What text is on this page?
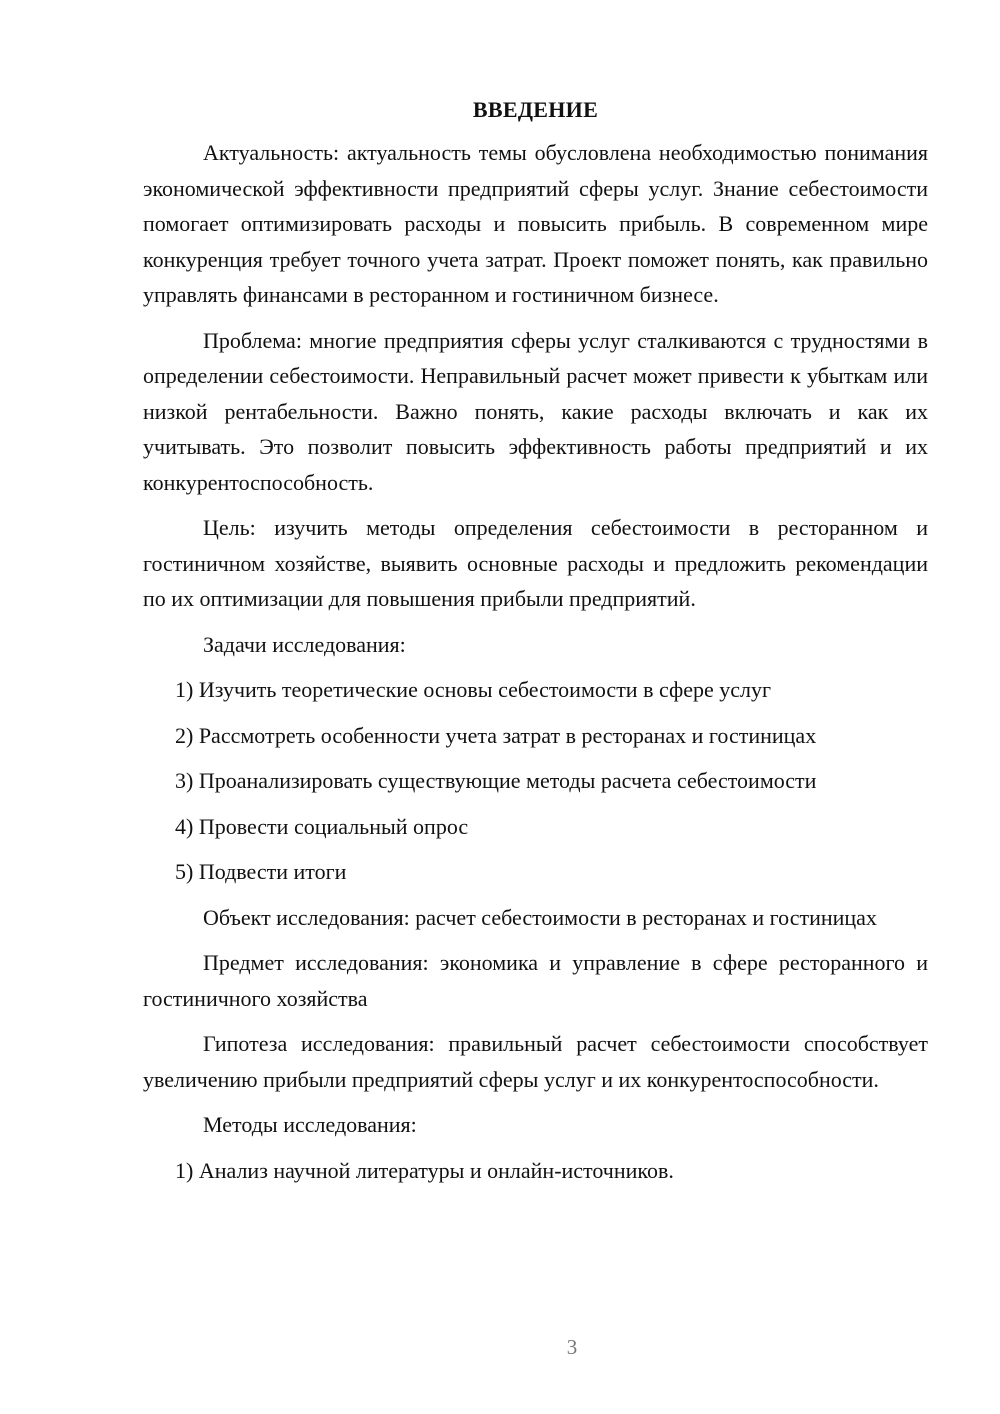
ВВЕДЕНИЕ

Актуальность: актуальность темы обусловлена необходимостью понимания экономической эффективности предприятий сферы услуг. Знание себестоимости помогает оптимизировать расходы и повысить прибыль. В современном мире конкуренция требует точного учета затрат. Проект поможет понять, как правильно управлять финансами в ресторанном и гостиничном бизнесе.

Проблема: многие предприятия сферы услуг сталкиваются с трудностями в определении себестоимости. Неправильный расчет может привести к убыткам или низкой рентабельности. Важно понять, какие расходы включать и как их учитывать. Это позволит повысить эффективность работы предприятий и их конкурентоспособность.

Цель: изучить методы определения себестоимости в ресторанном и гостиничном хозяйстве, выявить основные расходы и предложить рекомендации по их оптимизации для повышения прибыли предприятий.

Задачи исследования:

1) Изучить теоретические основы себестоимости в сфере услуг
2) Рассмотреть особенности учета затрат в ресторанах и гостиницах
3) Проанализировать существующие методы расчета себестоимости
4) Провести социальный опрос
5) Подвести итоги

Объект исследования: расчет себестоимости в ресторанах и гостиницах

Предмет исследования: экономика и управление в сфере ресторанного и гостиничного хозяйства

Гипотеза исследования: правильный расчет себестоимости способствует увеличению прибыли предприятий сферы услуг и их конкурентоспособности.

Методы исследования:

1) Анализ научной литературы и онлайн-источников.
3
